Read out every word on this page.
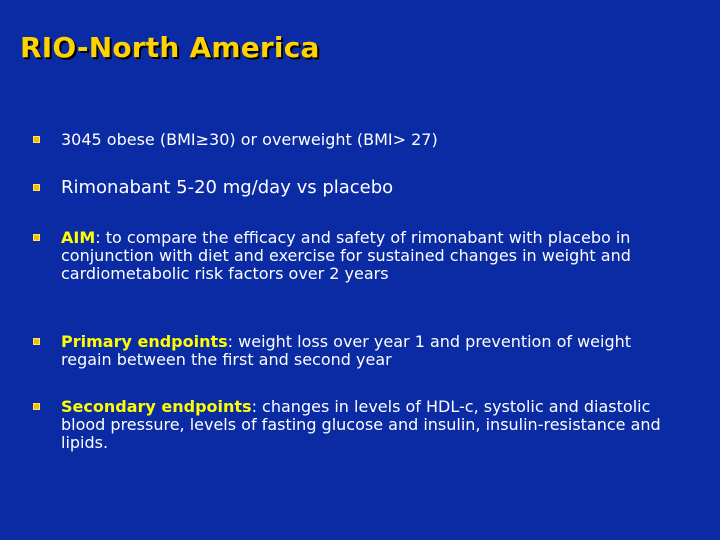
RIO-North America
3045 obese (BMI≥30) or overweight (BMI> 27)
Rimonabant 5-20 mg/day vs placebo
AIM: to compare the efficacy and safety of rimonabant with placebo in conjunction with diet and exercise for sustained changes in weight and cardiometabolic risk factors over 2 years
Primary endpoints: weight loss over year 1 and prevention of weight regain between the first and second year
Secondary endpoints: changes in levels of HDL-c, systolic and diastolic blood pressure, levels of fasting glucose and insulin, insulin-resistance and lipids.
